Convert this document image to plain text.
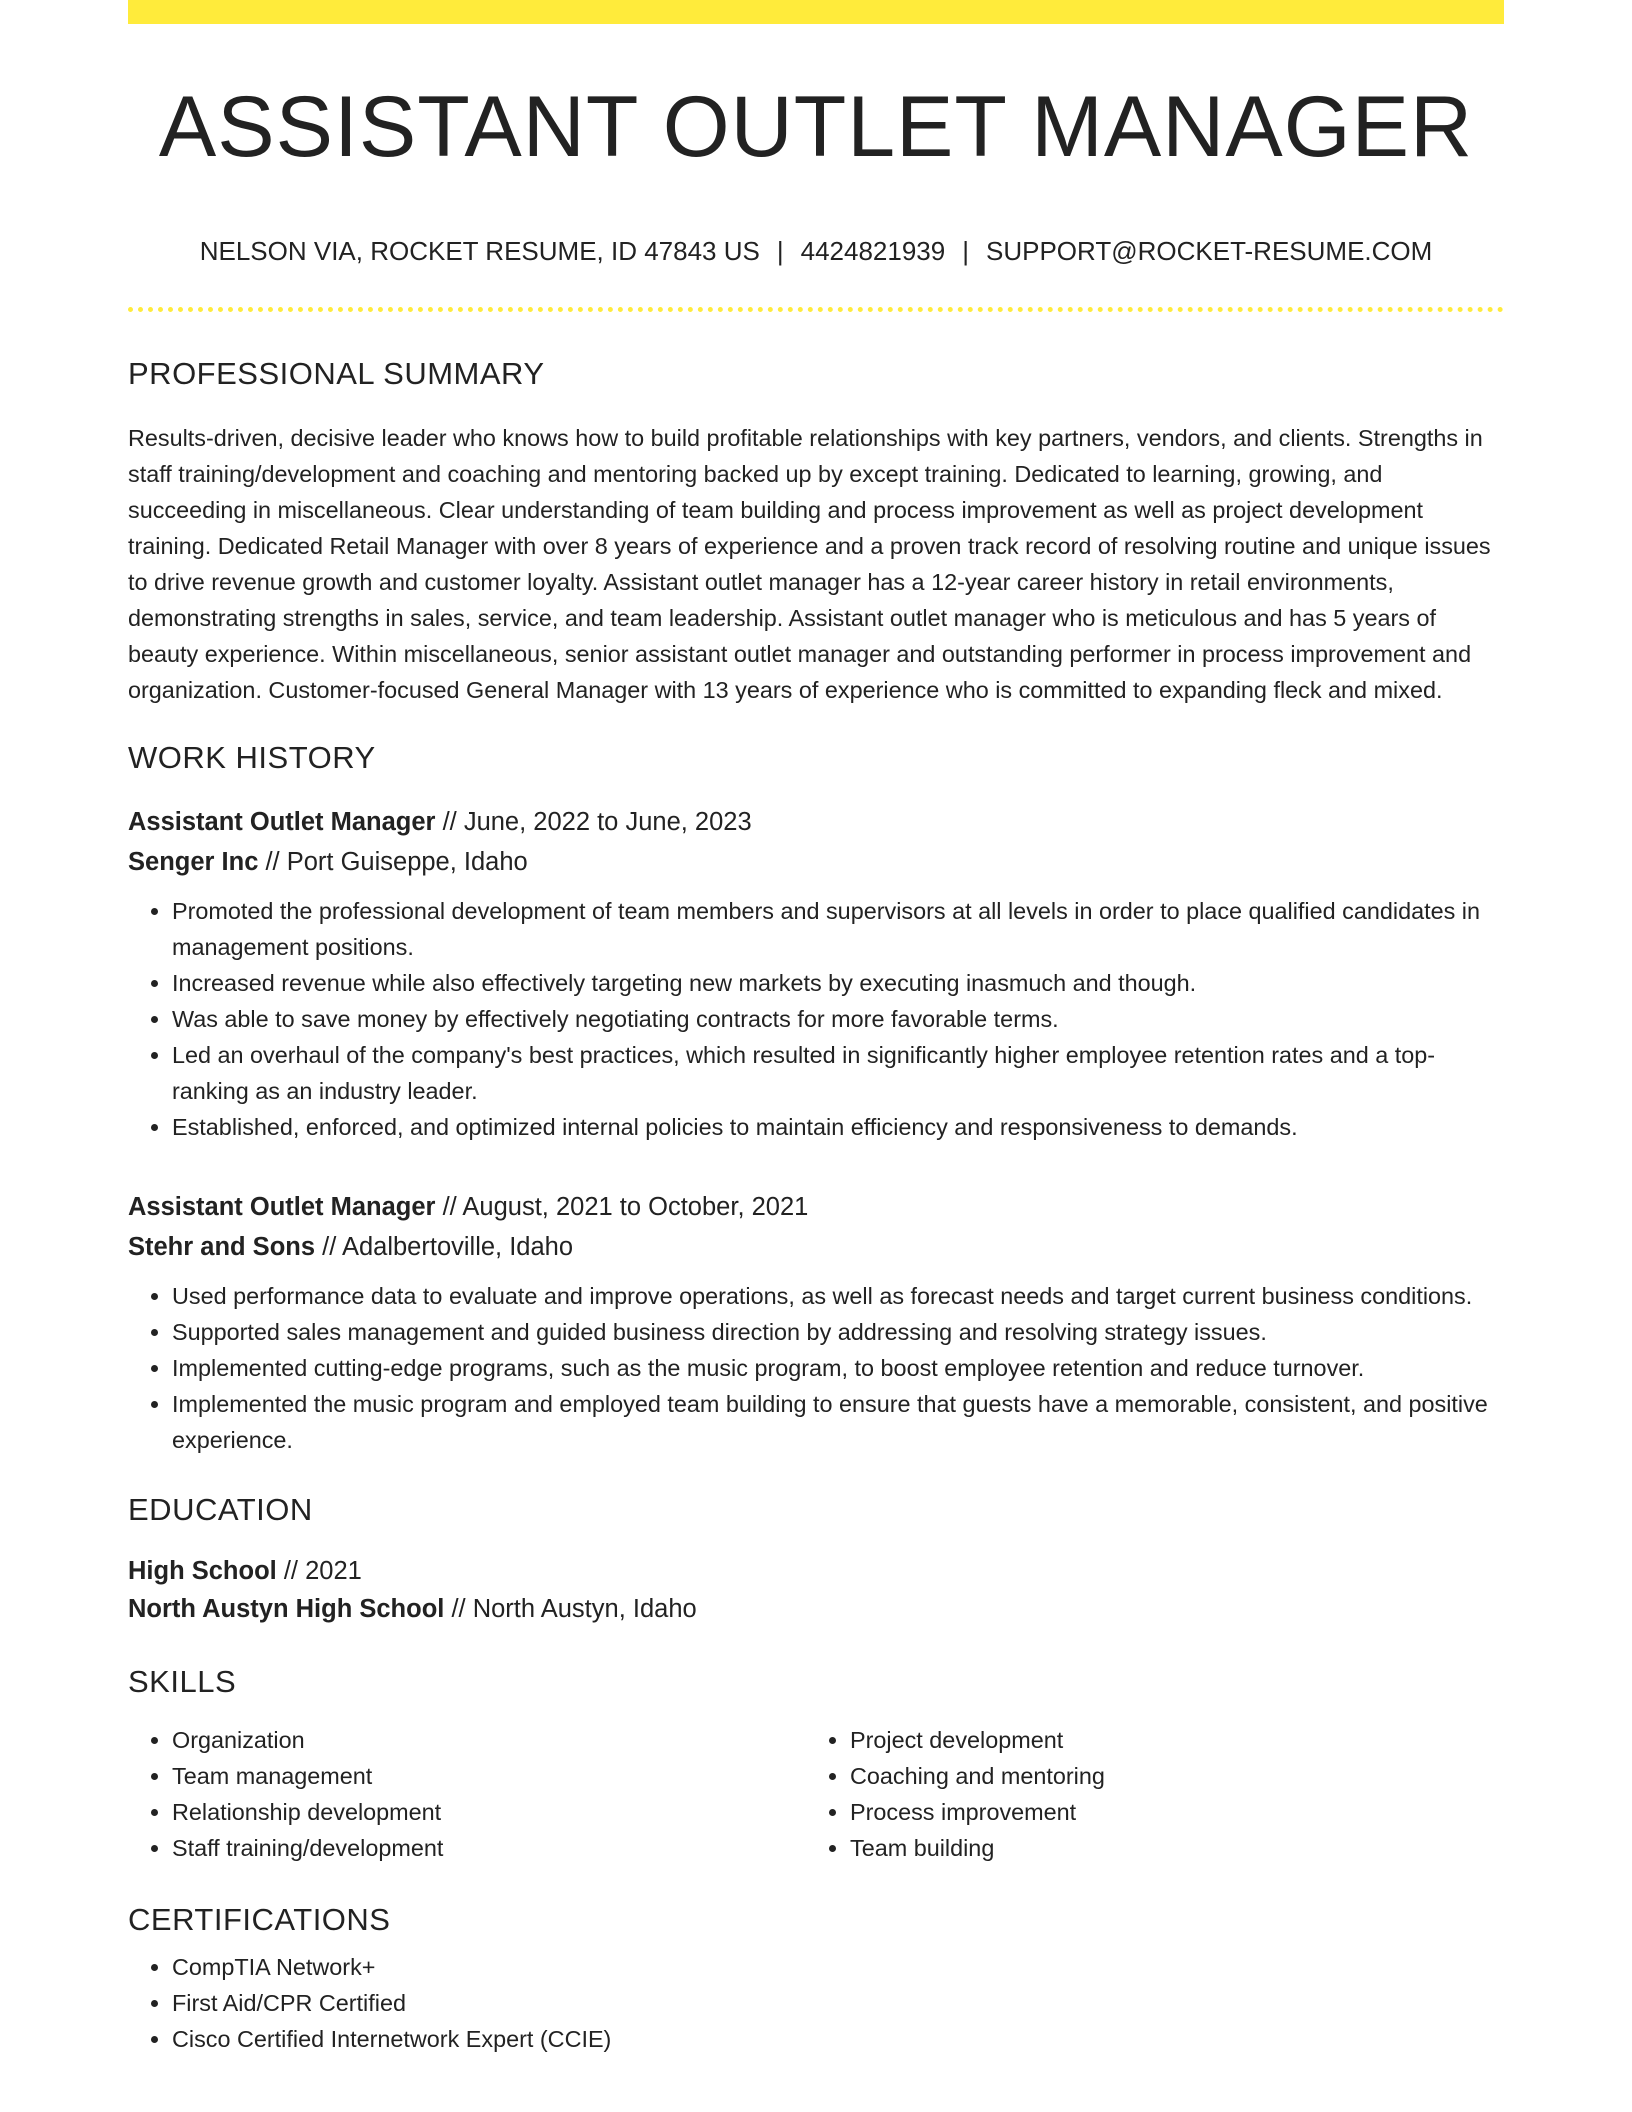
ASSISTANT OUTLET MANAGER
NELSON VIA, ROCKET RESUME, ID 47843 US | 4424821939 | SUPPORT@ROCKET-RESUME.COM
PROFESSIONAL SUMMARY

Results-driven, decisive leader who knows how to build profitable relationships with key partners, vendors, and clients. Strengths in staff training/development and coaching and mentoring backed up by except training. Dedicated to learning, growing, and succeeding in miscellaneous. Clear understanding of team building and process improvement as well as project development training. Dedicated Retail Manager with over 8 years of experience and a proven track record of resolving routine and unique issues to drive revenue growth and customer loyalty. Assistant outlet manager has a 12-year career history in retail environments, demonstrating strengths in sales, service, and team leadership. Assistant outlet manager who is meticulous and has 5 years of beauty experience. Within miscellaneous, senior assistant outlet manager and outstanding performer in process improvement and organization. Customer-focused General Manager with 13 years of experience who is committed to expanding fleck and mixed.

WORK HISTORY
Assistant Outlet Manager // June, 2022 to June, 2023
Senger Inc // Port Guiseppe, Idaho
• Promoted the professional development of team members and supervisors at all levels in order to place qualified candidates in management positions.
• Increased revenue while also effectively targeting new markets by executing inasmuch and though.
• Was able to save money by effectively negotiating contracts for more favorable terms.
• Led an overhaul of the company's best practices, which resulted in significantly higher employee retention rates and a top-ranking as an industry leader.
• Established, enforced, and optimized internal policies to maintain efficiency and responsiveness to demands.
Assistant Outlet Manager // August, 2021 to October, 2021
Stehr and Sons // Adalbertoville, Idaho
• Used performance data to evaluate and improve operations, as well as forecast needs and target current business conditions.
• Supported sales management and guided business direction by addressing and resolving strategy issues.
• Implemented cutting-edge programs, such as the music program, to boost employee retention and reduce turnover.
• Implemented the music program and employed team building to ensure that guests have a memorable, consistent, and positive experience.
EDUCATION
High School // 2021
North Austyn High School // North Austyn, Idaho
SKILLS
• Organization
• Team management
• Relationship development
• Staff training/development
• Project development
• Coaching and mentoring
• Process improvement
• Team building
CERTIFICATIONS
• CompTIA Network+
• First Aid/CPR Certified
• Cisco Certified Internetwork Expert (CCIE)
